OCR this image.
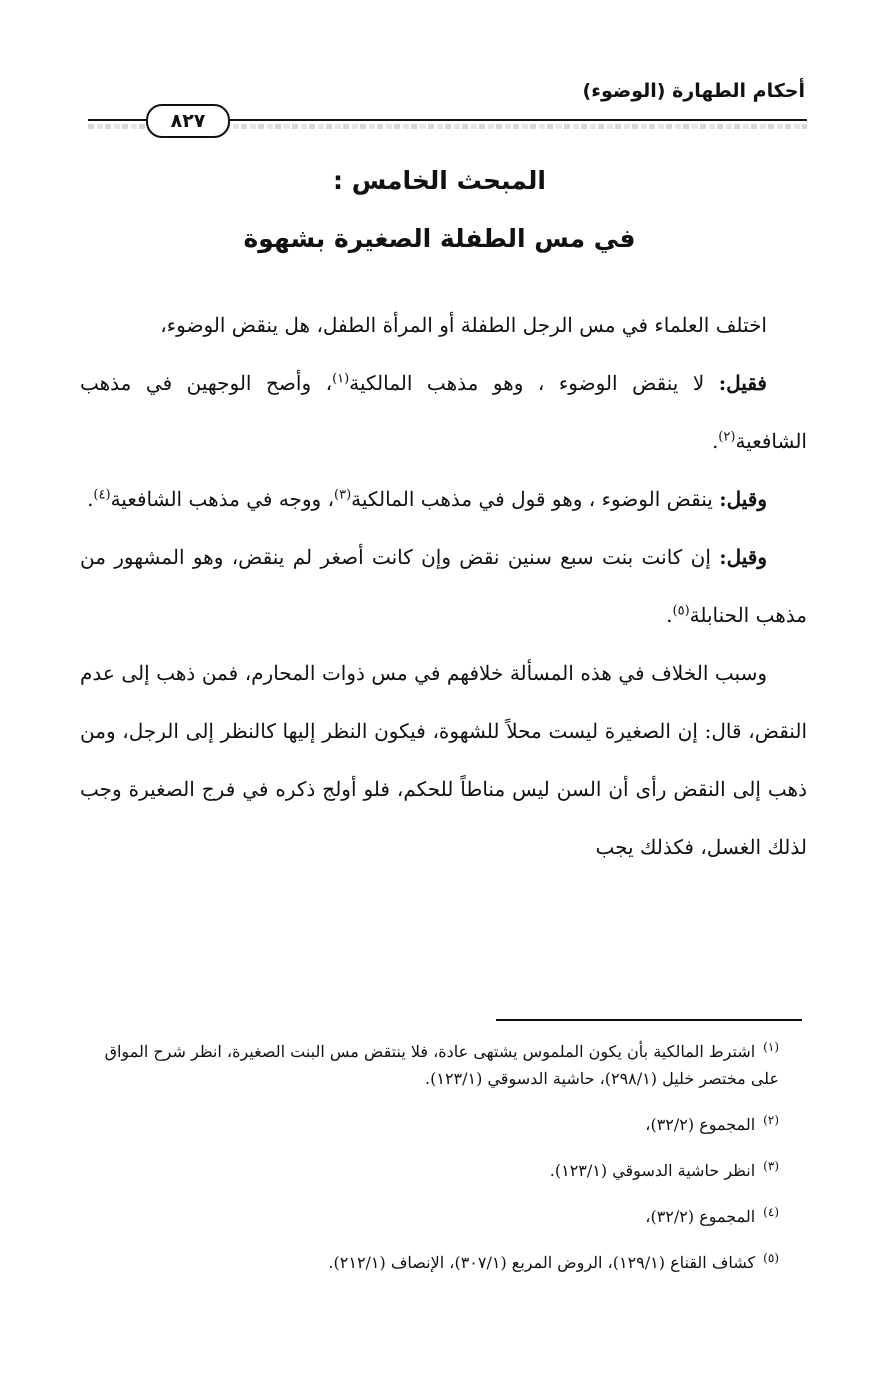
أحكام الطهارة (الوضوء)
٨٢٧
المبحث الخامس :
في مس الطفلة الصغيرة بشهوة

اختلف العلماء في مس الرجل الطفلة أو المرأة الطفل، هل ينقض الوضوء،

فقيل: لا ينقض الوضوء ، وهو مذهب المالكية$^{(١)}$، وأصح الوجهين في مذهب الشافعية$^{(٢)}$.

وقيل: ينقض الوضوء ، وهو قول في مذهب المالكية$^{(٣)}$، ووجه في مذهب الشافعية$^{(٤)}$.

وقيل: إن كانت بنت سبع سنين نقض وإن كانت أصغر لم ينقض، وهو المشهور من مذهب الحنابلة$^{(٥)}$.

وسبب الخلاف في هذه المسألة خلافهم في مس ذوات المحارم، فمن ذهب إلى عدم النقض، قال: إن الصغيرة ليست محلاً للشهوة، فيكون النظر إليها كالنظر إلى الرجل، ومن ذهب إلى النقض رأى أن السن ليس مناطاً للحكم، فلو أولج ذكره في فرج الصغيرة وجب لذلك الغسل، فكذلك يجب

$^{(١)}$اشترط المالكية بأن يكون الملموس يشتهى عادة، فلا ينتقض مس البنت الصغيرة، انظر شرح المواق على مختصر خليل (٢٩٨/١)، حاشية الدسوقي (١٢٣/١).

$^{(٢)}$المجموع (٣٢/٢)،

$^{(٣)}$انظر حاشية الدسوقي (١٢٣/١).

$^{(٤)}$المجموع (٣٢/٢)،

$^{(٥)}$كشاف القناع (١٢٩/١)، الروض المربع (٣٠٧/١)، الإنصاف (٢١٢/١).
